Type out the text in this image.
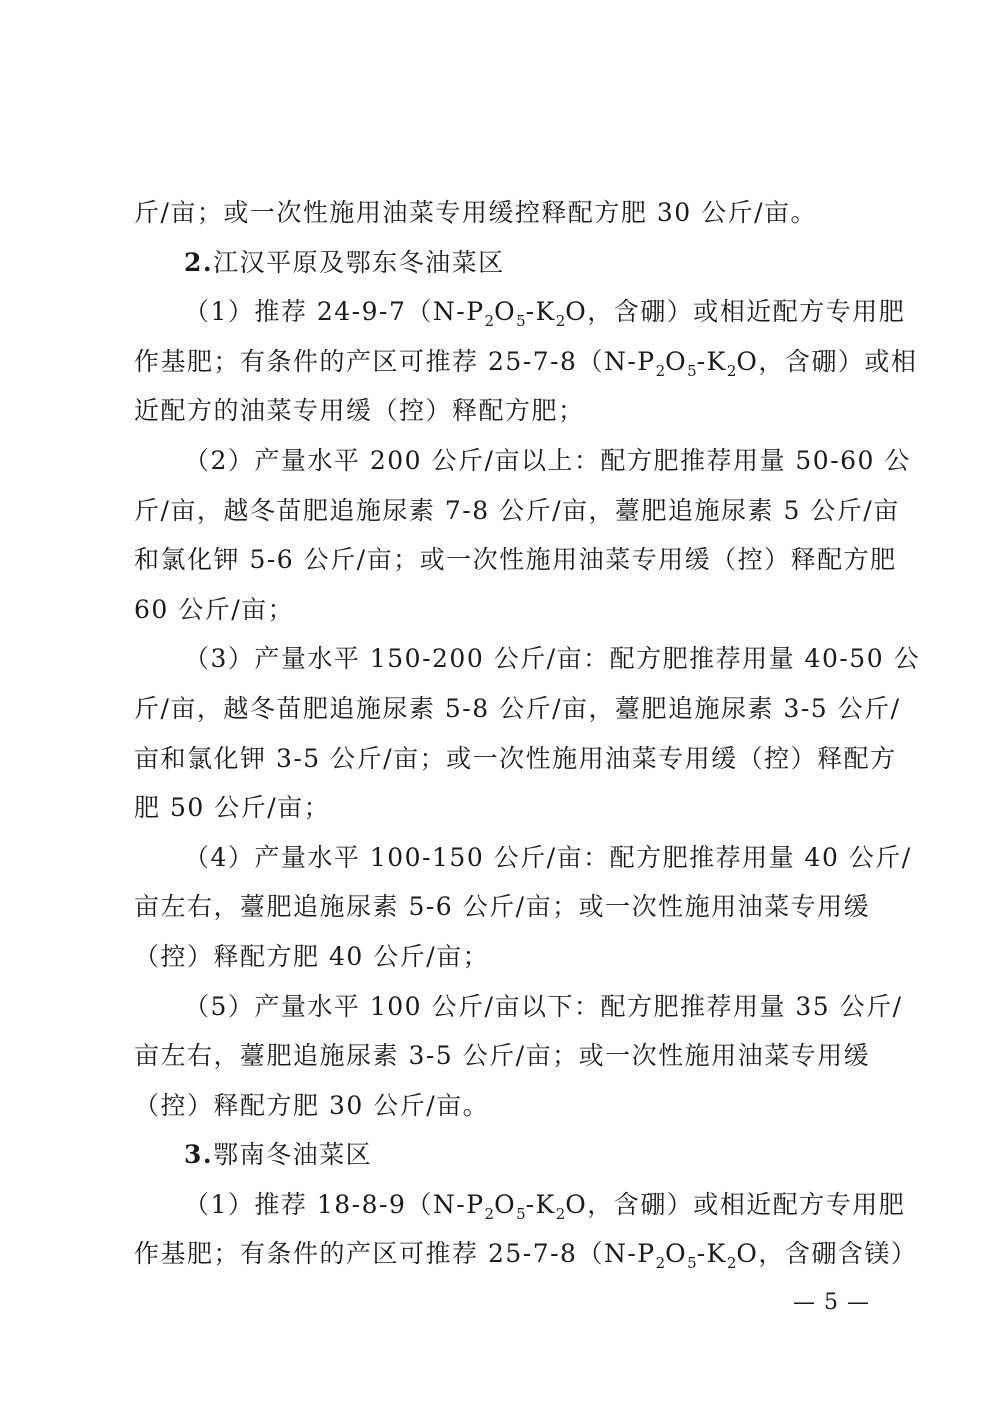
斤/亩；或一次性施用油菜专用缓控释配方肥 30 公斤/亩。
2.江汉平原及鄂东冬油菜区
（1）推荐 $24-9-7(N-P_2O_5-K_2O$，含硼）或相近配方专用肥
作基肥；有条件的产区可推荐 $25-7-8(N-P_2O_5-K_2O$，含硼）或相
近配方的油菜专用缓（控）释配方肥；
（2）产量水平 200 公斤/亩以上：配方肥推荐用量 50-60 公
斤/亩，越冬苗肥追施尿素 7-8 公斤/亩，薹肥追施尿素 5 公斤/亩
和氯化钾 5-6 公斤/亩；或一次性施用油菜专用缓（控）释配方肥
60 公斤/亩；
（3）产量水平 150-200 公斤/亩：配方肥推荐用量 40-50 公
斤/亩，越冬苗肥追施尿素 5-8 公斤/亩，薹肥追施尿素 3-5 公斤/
亩和氯化钾 3-5 公斤/亩；或一次性施用油菜专用缓（控）释配方
肥 50 公斤/亩；
（4）产量水平 100-150 公斤/亩：配方肥推荐用量 40 公斤/
亩左右，薹肥追施尿素 5-6 公斤/亩；或一次性施用油菜专用缓
（控）释配方肥 40 公斤/亩；
（5）产量水平 100 公斤/亩以下：配方肥推荐用量 35 公斤/
亩左右，薹肥追施尿素 3-5 公斤/亩；或一次性施用油菜专用缓
（控）释配方肥 30 公斤/亩。
3.鄂南冬油菜区
（1）推荐 $18-8-9(N-P_2O_5-K_2O$，含硼）或相近配方专用肥
作基肥；有条件的产区可推荐 $25-7-8(N-P_2O_5-K_2O$，含硼含镁）
— 5 —
